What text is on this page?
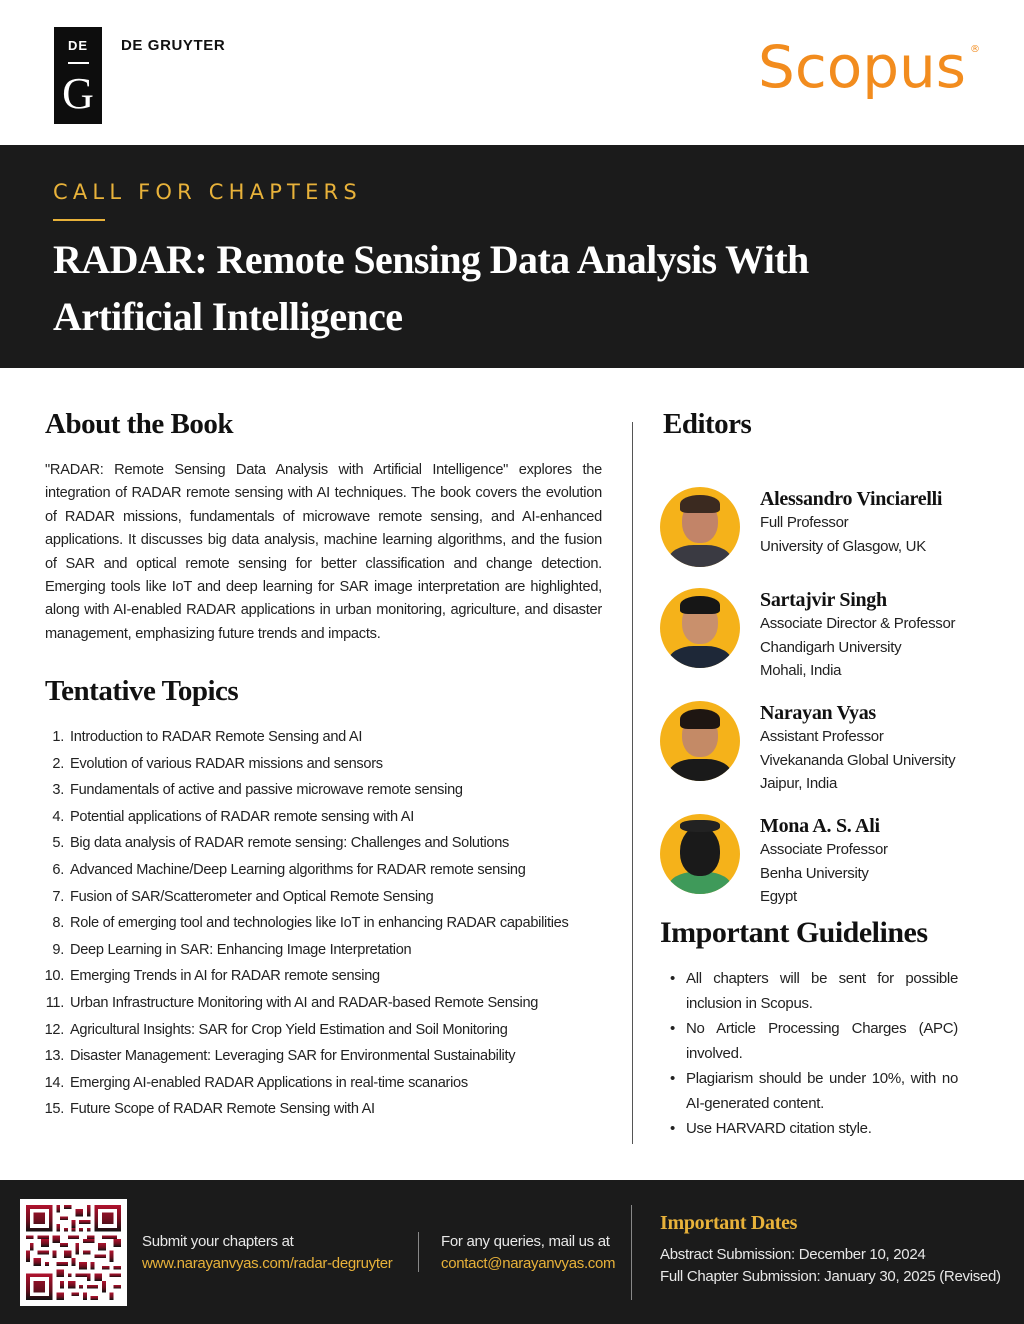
DE
G
DE GRUYTER	Scopus ®
CALL FOR CHAPTERS
RADAR: Remote Sensing Data Analysis With Artificial Intelligence
About the Book

"RADAR: Remote Sensing Data Analysis with Artificial Intelligence" explores the integration of RADAR remote sensing with AI techniques. The book covers the evolution of RADAR missions, fundamentals of microwave remote sensing, and AI-enhanced applications. It discusses big data analysis, machine learning algorithms, and the fusion of SAR and optical remote sensing for better classification and change detection. Emerging tools like IoT and deep learning for SAR image interpretation are highlighted, along with AI-enabled RADAR applications in urban monitoring, agriculture, and disaster management, emphasizing future trends and impacts.

Tentative Topics
1. Introduction to RADAR Remote Sensing and AI
2. Evolution of various RADAR missions and sensors
3. Fundamentals of active and passive microwave remote sensing
4. Potential applications of RADAR remote sensing with AI
5. Big data analysis of RADAR remote sensing: Challenges and Solutions
6. Advanced Machine/Deep Learning algorithms for RADAR remote sensing
7. Fusion of SAR/Scatterometer and Optical Remote Sensing
8. Role of emerging tool and technologies like IoT in enhancing RADAR capabilities
9. Deep Learning in SAR: Enhancing Image Interpretation
10. Emerging Trends in AI for RADAR remote sensing
11. Urban Infrastructure Monitoring with AI and RADAR-based Remote Sensing
12. Agricultural Insights: SAR for Crop Yield Estimation and Soil Monitoring
13. Disaster Management: Leveraging SAR for Environmental Sustainability
14. Emerging AI-enabled RADAR Applications in real-time scanarios
15. Future Scope of RADAR Remote Sensing with AI
Editors
Alessandro Vinciarelli
Full Professor
University of Glasgow, UK
Sartajvir Singh
Associate Director & Professor
Chandigarh University
Mohali, India
Narayan Vyas
Assistant Professor
Vivekananda Global University
Jaipur, India
Mona A. S. Ali
Associate Professor
Benha University
Egypt
Important Guidelines
• All chapters will be sent for possible inclusion in Scopus.
• No Article Processing Charges (APC) involved.
• Plagiarism should be under 10%, with no AI-generated content.
• Use HARVARD citation style.
Submit your chapters at
www.narayanvyas.com/radar-degruyter
For any queries, mail us at
contact@narayanvyas.com
Important Dates
Abstract Submission: December 10, 2024
Full Chapter Submission: January 30, 2025 (Revised)
